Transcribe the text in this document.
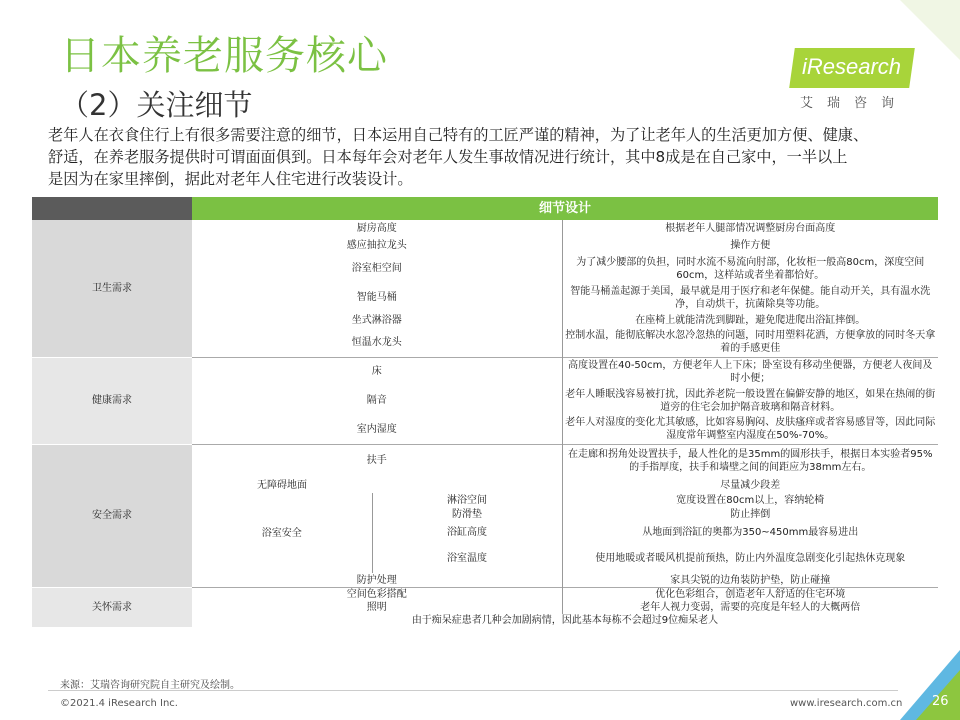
日本养老服务核心
（2）关注细节
iResearch
艾瑞咨询
老年人在衣食住行上有很多需要注意的细节，日本运用自己特有的工匠严谨的精神，为了让老年人的生活更加方便、健康、
舒适，在养老服务提供时可谓面面俱到。日本每年会对老年人发生事故情况进行统计，其中8成是在自己家中，一半以上
是因为在家里摔倒，据此对老年人住宅进行改装设计。
	细节设计		
卫生需求	厨房高度		根据老年人腿部情况调整厨房台面高度
	感应抽拉龙头		操作方便
	浴室柜空间		为了减少腰部的负担，同时水流不易流向肘部，化妆柜一般高80cm，深度空间60cm，这样站或者坐着都恰好。
	智能马桶		智能马桶盖起源于美国，最早就是用于医疗和老年保健。能自动开关，具有温水洗净，自动烘干，抗菌除臭等功能。
	坐式淋浴器		在座椅上就能清洗到脚趾，避免爬进爬出浴缸摔倒。
	恒温水龙头		控制水温，能彻底解决水忽冷忽热的问题，同时用塑料花洒，方便拿放的同时冬天拿着的手感更佳
健康需求	床		高度设置在40-50cm，方便老年人上下床；卧室设有移动坐便器，方便老人夜间及时小便；
	隔音		老年人睡眠浅容易被打扰，因此养老院一般设置在偏僻安静的地区，如果在热闹的街道旁的住宅会加护隔音玻璃和隔音材料。
	室内湿度		老年人对湿度的变化尤其敏感，比如容易胸闷、皮肤瘙痒或者容易感冒等，因此同际湿度常年调整室内湿度在50%-70%。
安全需求	扶手		在走廊和拐角处设置扶手，最人性化的是35mm的圆形扶手，根据日本实验者95%的手指厚度，扶手和墙壁之间的间距应为38mm左右。
	无障碍地面		尽量减少段差
	浴室安全	淋浴空间	宽度设置在80cm以上，容纳轮椅
		防滑垫	防止摔倒
		浴缸高度	从地面到浴缸的奥都为350~450mm最容易进出
		浴室温度	使用地暖或者暖风机提前预热，防止内外温度急剧变化引起热休克现象
	防护处理		家具尖锐的边角装防护垫，防止碰撞

关怀需求	空间色彩搭配		优化色彩组合，创造老年人舒适的住宅环境
	照明		老年人视力变弱，需要的亮度是年轻人的大概两倍
	由于痴呆症患者几种会加剧病情，因此基本每栋不会超过9位痴呆老人		
来源：艾瑞咨询研究院自主研究及绘制。
©2021.4 iResearch Inc.	www.iresearch.com.cn 26
